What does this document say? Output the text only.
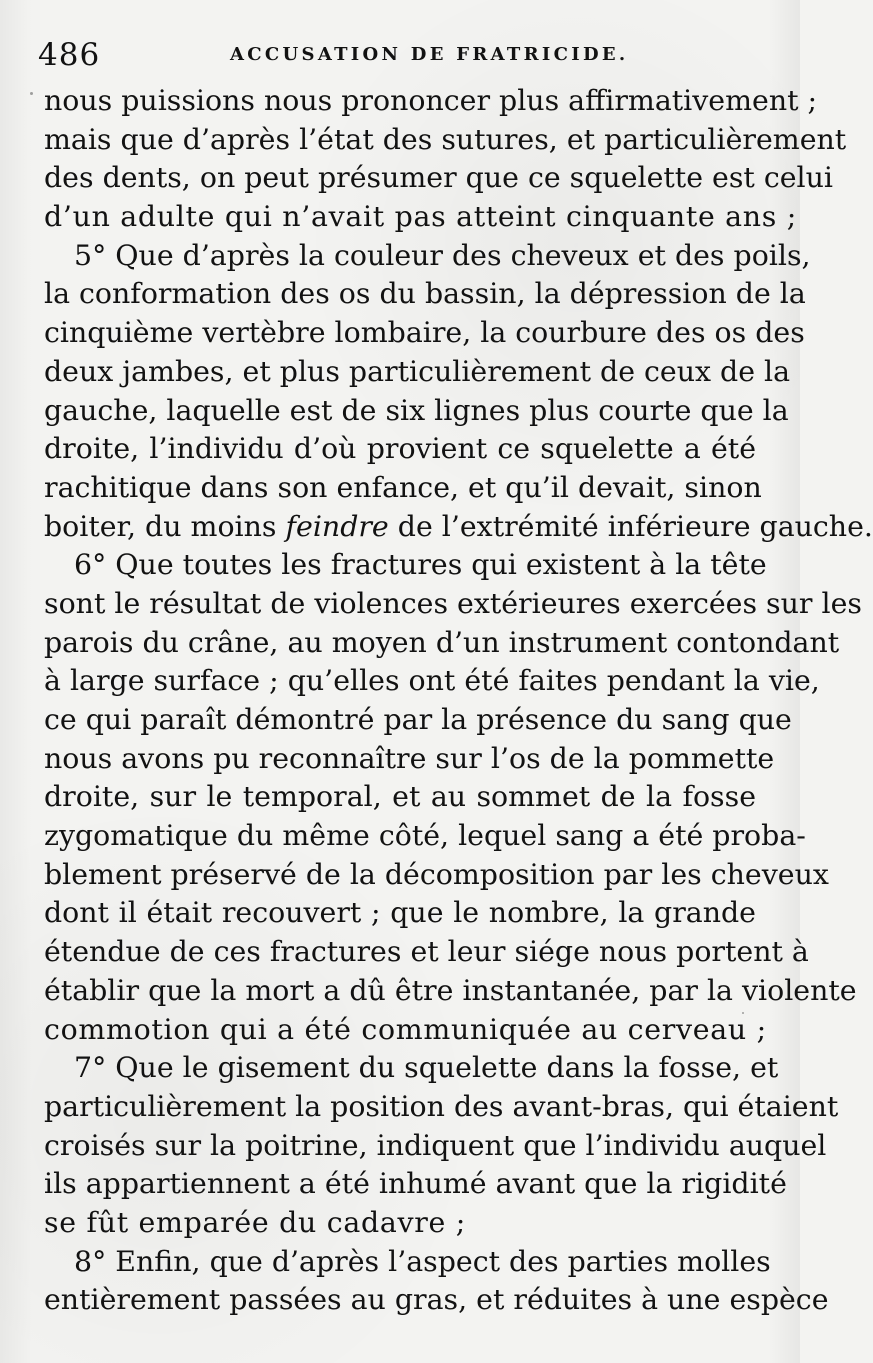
486	ACCUSATION DE FRATRICIDE.
nous puissions nous prononcer plus affirmativement ;
mais que d’après l’état des sutures, et particulièrement
des dents, on peut présumer que ce squelette est celui
d’un adulte qui n’avait pas atteint cinquante ans ;
5° Que d’après la couleur des cheveux et des poils,
la conformation des os du bassin, la dépression de la
cinquième vertèbre lombaire, la courbure des os des
deux jambes, et plus particulièrement de ceux de la
gauche, laquelle est de six lignes plus courte que la
droite, l’individu d’où provient ce squelette a été
rachitique dans son enfance, et qu’il devait, sinon
boiter, du moins feindre de l’extrémité inférieure gauche.
6° Que toutes les fractures qui existent à la tête
sont le résultat de violences extérieures exercées sur les
parois du crâne, au moyen d’un instrument contondant
à large surface ; qu’elles ont été faites pendant la vie,
ce qui paraît démontré par la présence du sang que
nous avons pu reconnaître sur l’os de la pommette
droite, sur le temporal, et au sommet de la fosse
zygomatique du même côté, lequel sang a été proba-
blement préservé de la décomposition par les cheveux
dont il était recouvert ; que le nombre, la grande
étendue de ces fractures et leur siége nous portent à
établir que la mort a dû être instantanée, par la violente
commotion qui a été communiquée au cerveau ;
7° Que le gisement du squelette dans la fosse, et
particulièrement la position des avant-bras, qui étaient
croisés sur la poitrine, indiquent que l’individu auquel
ils appartiennent a été inhumé avant que la rigidité
se fût emparée du cadavre ;
8° Enfin, que d’après l’aspect des parties molles
entièrement passées au gras, et réduites à une espèce
